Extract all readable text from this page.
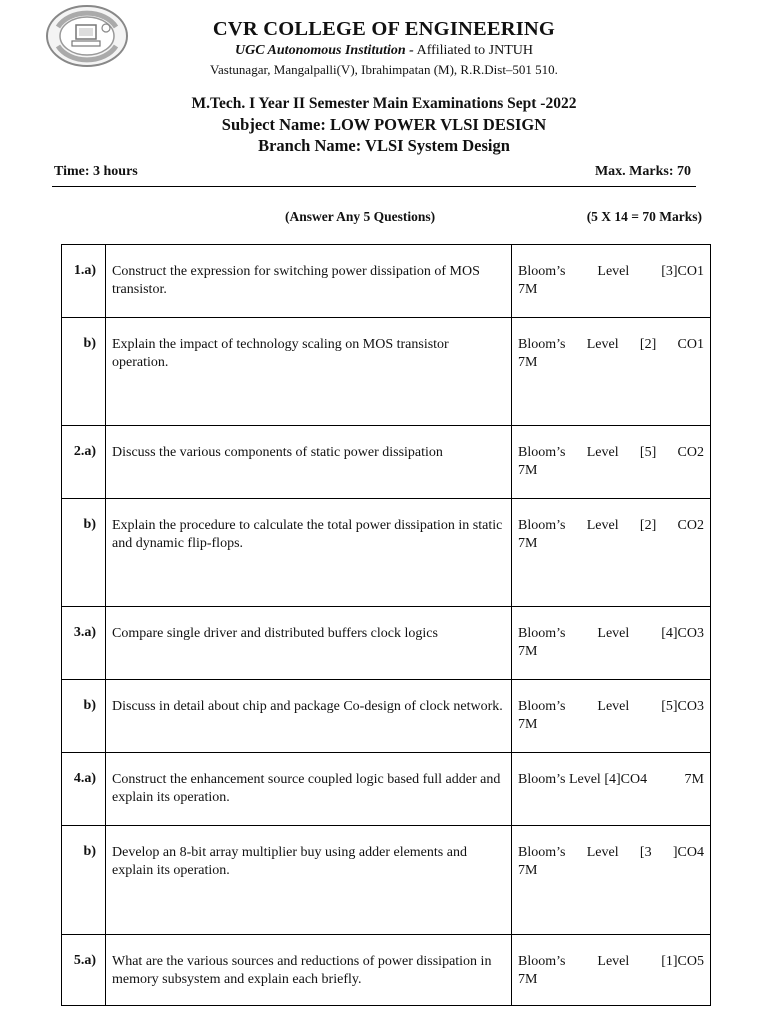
CVR COLLEGE OF ENGINEERING
UGC Autonomous Institution - Affiliated to JNTUH
Vastunagar, Mangalpalli(V), Ibrahimpatan (M), R.R.Dist–501 510.
M.Tech. I Year II Semester Main Examinations Sept -2022
Subject Name: LOW POWER VLSI DESIGN
Branch Name: VLSI System Design
Time: 3 hours	Max. Marks: 70
(Answer Any 5 Questions)	(5 X 14 = 70 Marks)
1.a)	Construct the expression for switching power dissipation of MOS transistor.	Bloom’s Level [3]CO1
7M

b)	Explain the impact of technology scaling on MOS transistor operation.	Bloom’s Level [2] CO1
7M

2.a)	Discuss the various components of static power dissipation	Bloom’s Level [5] CO2
7M

b)	Explain the procedure to calculate the total power dissipation in static and dynamic flip-flops.	Bloom’s Level [2] CO2
7M

3.a)	Compare single driver and distributed buffers clock logics	Bloom’s Level [4]CO3
7M

b)	Discuss in detail about chip and package Co-design of clock network.	Bloom’s Level [5]CO3
7M

4.a)	Construct the enhancement source coupled logic based full adder and explain its operation.	Bloom’s Level [4]CO4 7M

b)	Develop an 8-bit array multiplier buy using adder elements and explain its operation.	Bloom’s Level [3 ]CO4
7M

5.a)	What are the various sources and reductions of power dissipation in memory subsystem and explain each briefly.	Bloom’s Level [1]CO5
7M
